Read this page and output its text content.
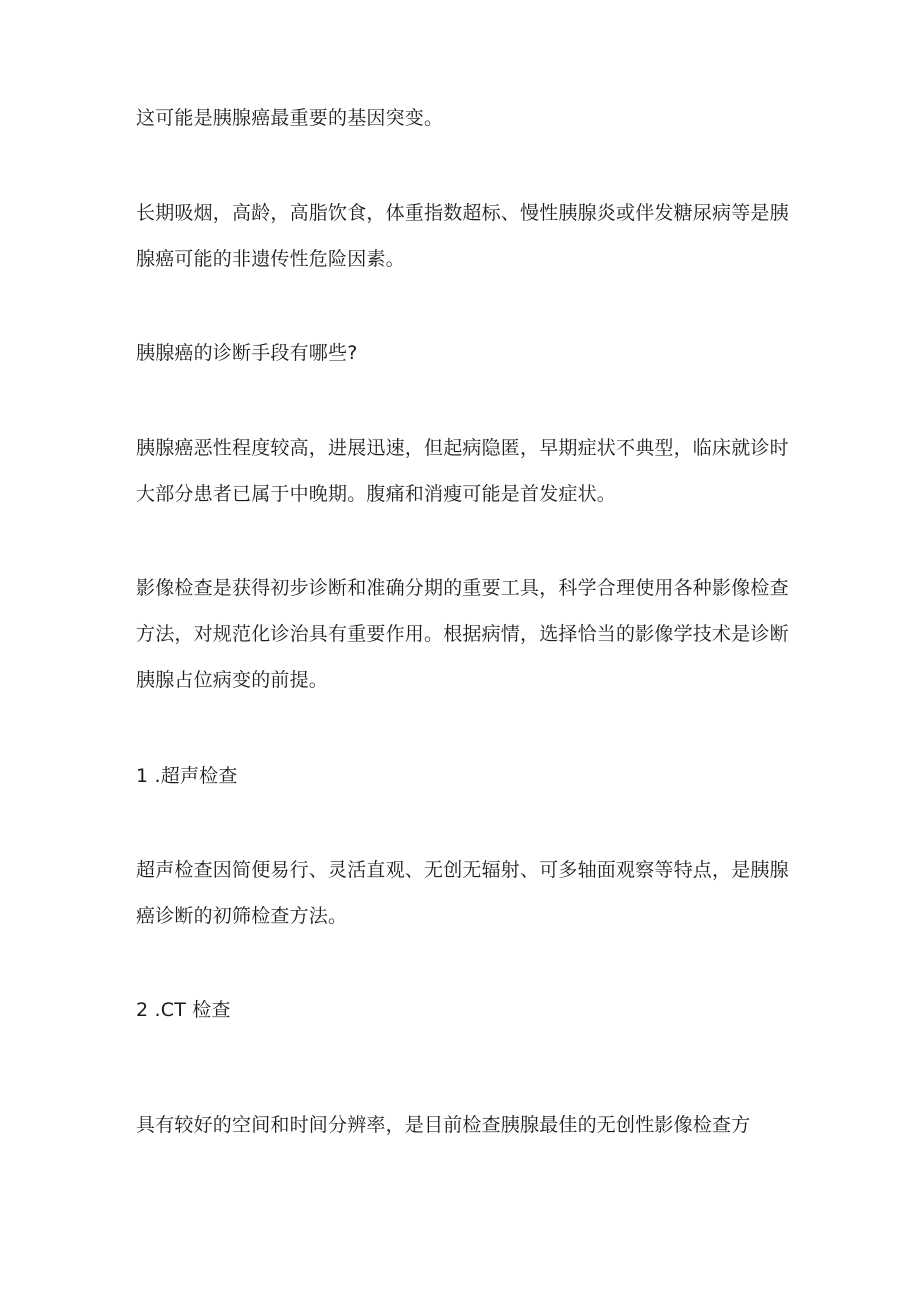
这可能是胰腺癌最重要的基因突变。

长期吸烟，高龄，高脂饮食，体重指数超标、慢性胰腺炎或伴发糖尿病等是胰腺癌可能的非遗传性危险因素。

胰腺癌的诊断手段有哪些?

胰腺癌恶性程度较高，进展迅速，但起病隐匿，早期症状不典型，临床就诊时大部分患者已属于中晚期。腹痛和消瘦可能是首发症状。

影像检查是获得初步诊断和准确分期的重要工具，科学合理使用各种影像检查方法，对规范化诊治具有重要作用。根据病情，选择恰当的影像学技术是诊断胰腺占位病变的前提。

1 .超声检查

超声检查因简便易行、灵活直观、无创无辐射、可多轴面观察等特点，是胰腺癌诊断的初筛检查方法。

2 .CT 检查

具有较好的空间和时间分辨率，是目前检查胰腺最佳的无创性影像检查方
